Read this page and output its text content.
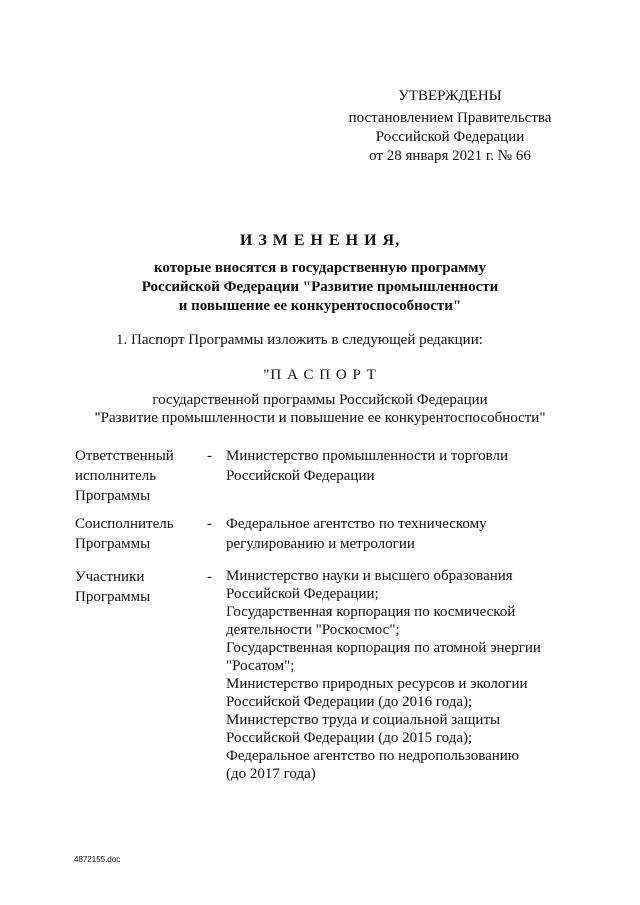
УТВЕРЖДЕНЫ
постановлением Правительства
Российской Федерации
от 28 января 2021 г. № 66
И З М Е Н Е Н И Я,
которые вносятся в государственную программу
Российской Федерации "Развитие промышленности
и повышение ее конкурентоспособности"
1. Паспорт Программы изложить в следующей редакции:
"П А С П О Р Т
государственной программы Российской Федерации
"Развитие промышленности и повышение ее конкурентоспособности"
Ответственный
исполнитель
Программы
- Министерство промышленности и торговли
Российской Федерации
Соисполнитель
Программы
- Федеральное агентство по техническому
регулированию и метрологии
Участники
Программы
- Министерство науки и высшего образования
Российской Федерации;
Государственная корпорация по космической
деятельности "Роскосмос";
Государственная корпорация по атомной энергии
"Росатом";
Министерство природных ресурсов и экологии
Российской Федерации (до 2016 года);
Министерство труда и социальной защиты
Российской Федерации (до 2015 года);
Федеральное агентство по недропользованию
(до 2017 года)
4872155.doc
